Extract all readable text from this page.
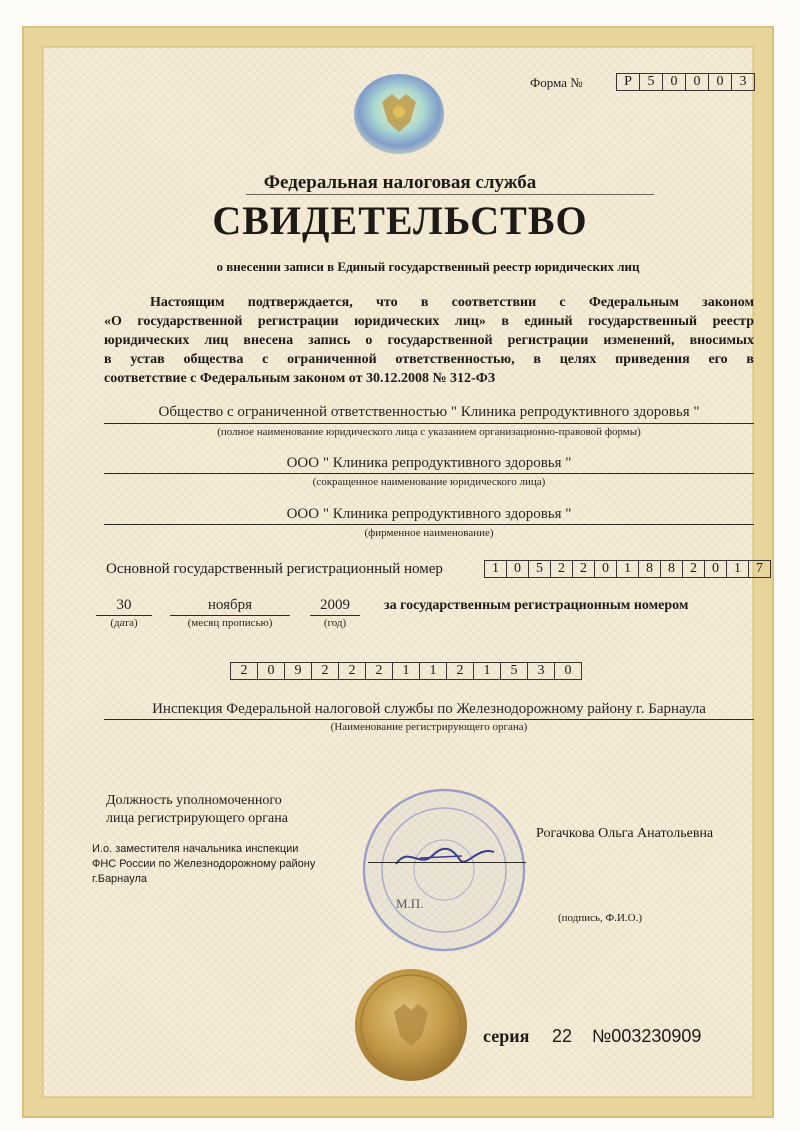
Форма №	Р	5	0	0	0	3
Федеральная налоговая служба
СВИДЕТЕЛЬСТВО
о внесении записи в Единый государственный реестр юридических лиц
Настоящим подтверждается, что в соответствии с Федеральным законом
«О государственной регистрации юридических лиц» в единый государственный реестр
юридических лиц внесена запись о государственной регистрации изменений, вносимых
в устав общества с ограниченной ответственностью, в целях приведения его в
соответствие с Федеральным законом от 30.12.2008 № 312-ФЗ
Общество с ограниченной ответственностью " Клиника репродуктивного здоровья "
(полное наименование юридического лица с указанием организационно-правовой формы)
ООО " Клиника репродуктивного здоровья "
(сокращенное наименование юридического лица)
ООО " Клиника репродуктивного здоровья "
(фирменное наименование)
Основной государственный регистрационный номер	1	0	5	2	2	0	1	8	8	2	0	1	7
30
(дата)
ноября
(месяц прописью)
2009
(год)
за государственным регистрационным номером
2	0	9	2	2	2	1	1	2	1	5	3	0
Инспекция Федеральной налоговой службы по Железнодорожному району г. Барнаула
(Наименование регистрирующего органа)
Должность уполномоченного
лица регистрирующего органа
И.о. заместителя начальника инспекции
ФНС России по Железнодорожному району
г.Барнаула
Рогачкова Ольга Анатольевна
М.П.
(подпись, Ф.И.О.)
серия 22 №003230909
